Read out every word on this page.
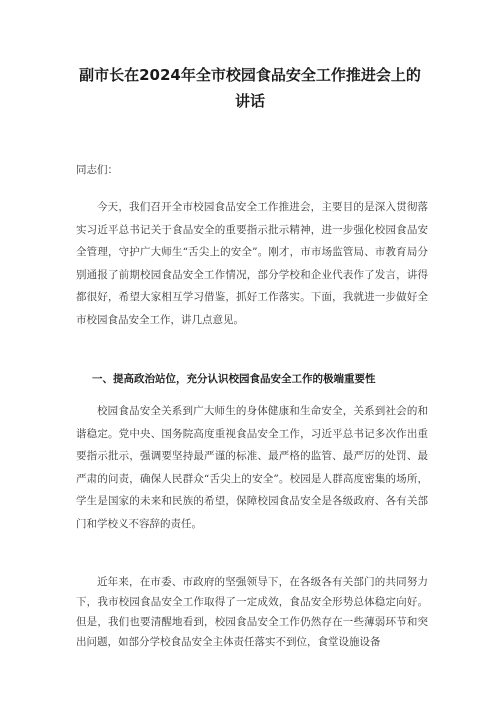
副市长在2024年全市校园食品安全工作推进会上的
讲话

同志们：

今天，我们召开全市校园食品安全工作推进会，主要目的是深入贯彻落实习近平总书记关于食品安全的重要指示批示精神，进一步强化校园食品安全管理，守护广大师生“舌尖上的安全”。刚才，市市场监管局、市教育局分别通报了前期校园食品安全工作情况，部分学校和企业代表作了发言，讲得都很好，希望大家相互学习借鉴，抓好工作落实。下面，我就进一步做好全市校园食品安全工作，讲几点意见。

一、提高政治站位，充分认识校园食品安全工作的极端重要性

校园食品安全关系到广大师生的身体健康和生命安全，关系到社会的和谐稳定。党中央、国务院高度重视食品安全工作，习近平总书记多次作出重要指示批示，强调要坚持最严谨的标准、最严格的监管、最严厉的处罚、最严肃的问责，确保人民群众“舌尖上的安全”。校园是人群高度密集的场所，学生是国家的未来和民族的希望，保障校园食品安全是各级政府、各有关部门和学校义不容辞的责任。

近年来，在市委、市政府的坚强领导下，在各级各有关部门的共同努力下，我市校园食品安全工作取得了一定成效，食品安全形势总体稳定向好。但是，我们也要清醒地看到，校园食品安全工作仍然存在一些薄弱环节和突出问题，如部分学校食品安全主体责任落实不到位，食堂设施设备
